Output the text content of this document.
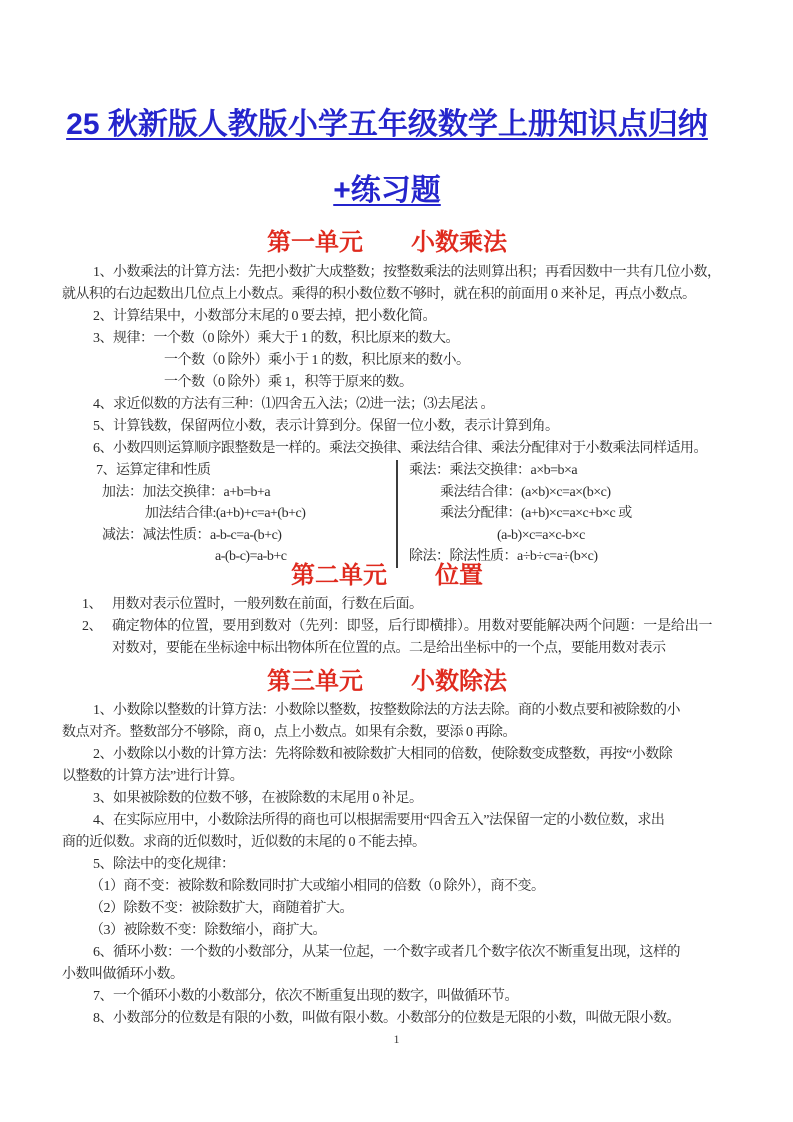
25 秋新版人教版小学五年级数学上册知识点归纳
+练习题
第一单元　　小数乘法
1、小数乘法的计算方法：先把小数扩大成整数；按整数乘法的法则算出积；再看因数中一共有几位小数，
就从积的右边起数出几位点上小数点。乘得的积小数位数不够时，就在积的前面用 0 来补足，再点小数点。
2、计算结果中，小数部分末尾的 0 要去掉，把小数化简。
3、规律：一个数（0 除外）乘大于 1 的数，积比原来的数大。
一个数（0 除外）乘小于 1 的数，积比原来的数小。
一个数（0 除外）乘 1，积等于原来的数。
4、求近似数的方法有三种：⑴四舍五入法；⑵进一法；⑶去尾法 。
5、计算钱数，保留两位小数，表示计算到分。保留一位小数，表示计算到角。
6、小数四则运算顺序跟整数是一样的。乘法交换律、乘法结合律、乘法分配律对于小数乘法同样适用。
7、运算定律和性质
加法：加法交换律：a+b=b+a
加法结合律:(a+b)+c=a+(b+c)
减法：减法性质：a-b-c=a-(b+c)
a-(b-c)=a-b+c
乘法：乘法交换律：a×b=b×a
乘法结合律：(a×b)×c=a×(b×c)
乘法分配律：(a+b)×c=a×c+b×c 或
(a-b)×c=a×c-b×c
除法：除法性质：a÷b÷c=a÷(b×c)
第二单元　　位置
1、 用数对表示位置时，一般列数在前面，行数在后面。
2、 确定物体的位置，要用到数对（先列：即竖，后行即横排）。用数对要能解决两个问题：一是给出一对数对，要能在坐标途中标出物体所在位置的点。二是给出坐标中的一个点，要能用数对表示
第三单元　　小数除法
1、小数除以整数的计算方法：小数除以整数，按整数除法的方法去除。商的小数点要和被除数的小
数点对齐。整数部分不够除，商 0，点上小数点。如果有余数，要添 0 再除。
2、小数除以小数的计算方法：先将除数和被除数扩大相同的倍数，使除数变成整数，再按“小数除
以整数的计算方法”进行计算。
3、如果被除数的位数不够，在被除数的末尾用 0 补足。
4、在实际应用中，小数除法所得的商也可以根据需要用“四舍五入”法保留一定的小数位数，求出
商的近似数。求商的近似数时，近似数的末尾的 0 不能去掉。
5、除法中的变化规律：
（1）商不变：被除数和除数同时扩大或缩小相同的倍数（0 除外），商不变。
（2）除数不变：被除数扩大，商随着扩大。
（3）被除数不变：除数缩小，商扩大。
6、循环小数：一个数的小数部分，从某一位起，一个数字或者几个数字依次不断重复出现，这样的
小数叫做循环小数。
7、一个循环小数的小数部分，依次不断重复出现的数字，叫做循环节。
8、小数部分的位数是有限的小数，叫做有限小数。小数部分的位数是无限的小数，叫做无限小数。
1
